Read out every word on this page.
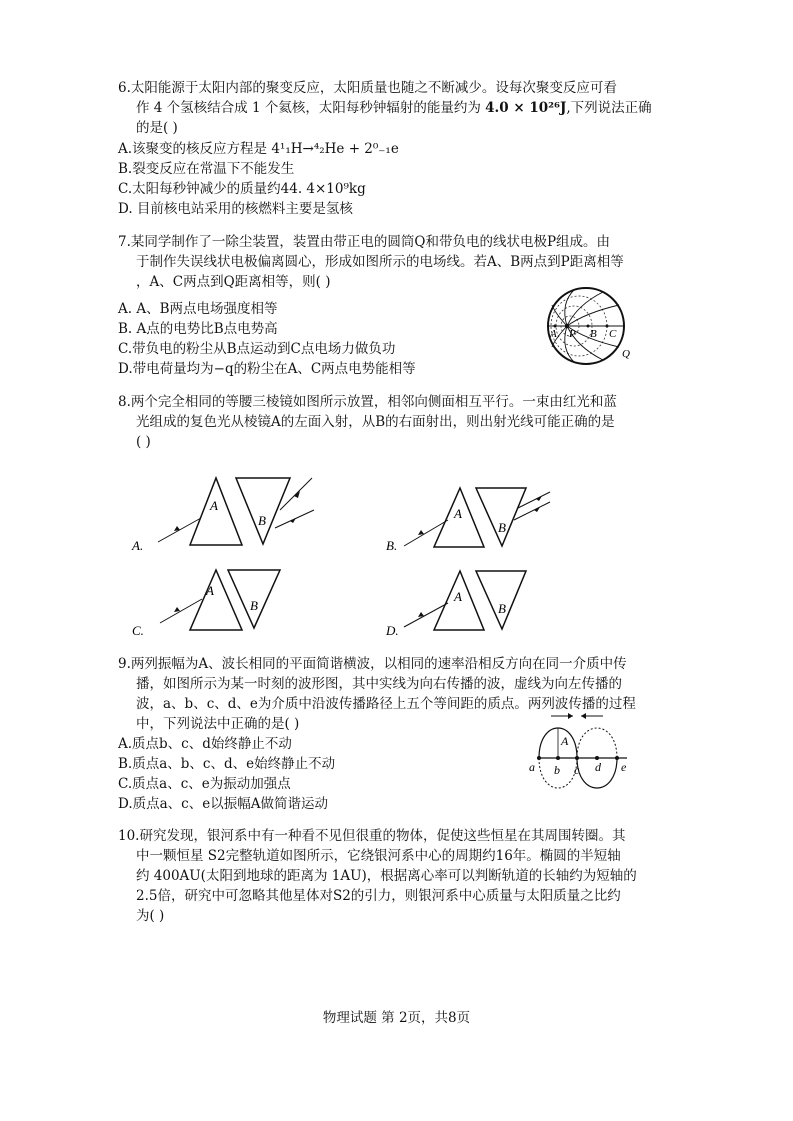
6.太阳能源于太阳内部的聚变反应，太阳质量也随之不断减少。设每次聚变反应可看
作 4 个氢核结合成 1 个氦核，太阳每秒钟辐射的能量约为 4.0 × 10²⁶J,下列说法正确
的是( )
A.该聚变的核反应方程是 4¹₁H→⁴₂He + 2⁰₋₁e
B.裂变反应在常温下不能发生
C.太阳每秒钟减少的质量约44. 4×10⁹kg
D. 目前核电站采用的核燃料主要是氢核
7.某同学制作了一除尘装置，装置由带正电的圆筒Q和带负电的线状电极P组成。由
于制作失误线状电极偏离圆心，形成如图所示的电场线。若A、B两点到P距离相等
，A、C两点到Q距离相等，则( )
A. A、B两点电场强度相等
B. A点的电势比B点电势高
C.带负电的粉尘从B点运动到C点电场力做负功
D.带电荷量均为−q的粉尘在A、C两点电势能相等
A P B C
Q
8.两个完全相同的等腰三棱镜如图所示放置，相邻向侧面相互平行。一束由红光和蓝
光组成的复色光从棱镜A的左面入射，从B的右面射出，则出射光线可能正确的是
( )
A.
A
B
B.
A
B
C.
A
B
D.
A
B
9.两列振幅为A、波长相同的平面简谐横波，以相同的速率沿相反方向在同一介质中传
播，如图所示为某一时刻的波形图，其中实线为向右传播的波，虚线为向左传播的
波，a、b、c、d、e为介质中沿波传播路径上五个等间距的质点。两列波传播的过程
中，下列说法中正确的是( )
A.质点b、c、d始终静止不动
B.质点a、b、c、d、e始终静止不动
C.质点a、c、e为振动加强点
D.质点a、c、e以振幅A做简谐运动
A
a b c d e
10.研究发现，银河系中有一种看不见但很重的物体，促使这些恒星在其周围转圈。其
中一颗恒星 S2完整轨道如图所示，它绕银河系中心的周期约16年。椭圆的半短轴
约 400AU(太阳到地球的距离为 1AU)，根据离心率可以判断轨道的长轴约为短轴的
2.5倍，研究中可忽略其他星体对S2的引力，则银河系中心质量与太阳质量之比约
为( )
物理试题 第 2页，共8页
